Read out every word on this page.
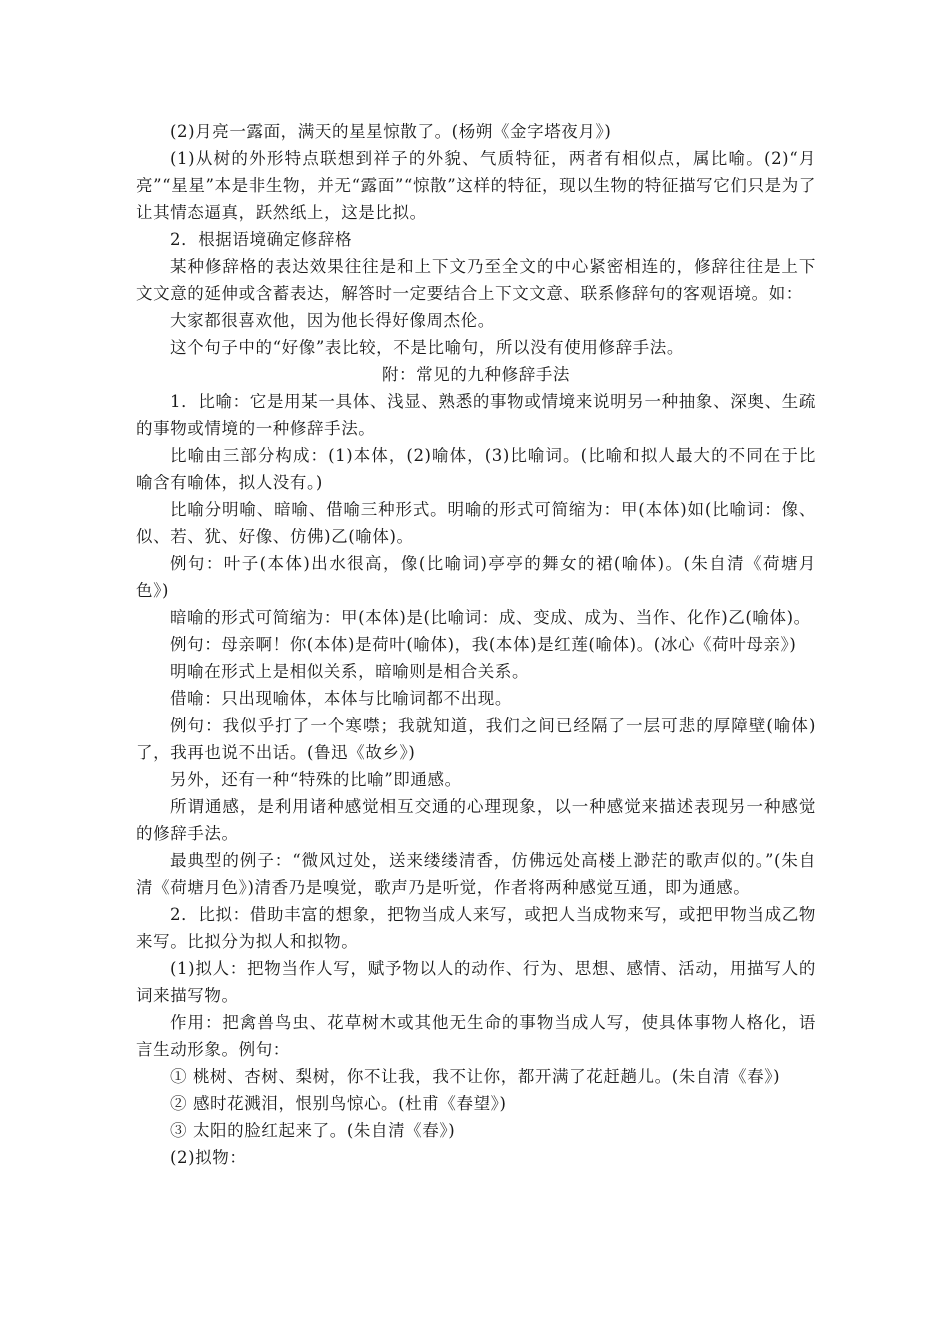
(2)月亮一露面，满天的星星惊散了。(杨朔《金字塔夜月》)

(1)从树的外形特点联想到祥子的外貌、气质特征，两者有相似点，属比喻。(2)“月亮”“星星”本是非生物，并无“露面”“惊散”这样的特征，现以生物的特征描写它们只是为了让其情态逼真，跃然纸上，这是比拟。

2．根据语境确定修辞格

某种修辞格的表达效果往往是和上下文乃至全文的中心紧密相连的，修辞往往是上下文文意的延伸或含蓄表达，解答时一定要结合上下文文意、联系修辞句的客观语境。如：

大家都很喜欢他，因为他长得好像周杰伦。

这个句子中的“好像”表比较，不是比喻句，所以没有使用修辞手法。

附：常见的九种修辞手法

1．比喻：它是用某一具体、浅显、熟悉的事物或情境来说明另一种抽象、深奥、生疏的事物或情境的一种修辞手法。

比喻由三部分构成：(1)本体，(2)喻体，(3)比喻词。(比喻和拟人最大的不同在于比喻含有喻体，拟人没有。)

比喻分明喻、暗喻、借喻三种形式。明喻的形式可简缩为：甲(本体)如(比喻词：像、似、若、犹、好像、仿佛)乙(喻体)。

例句：叶子(本体)出水很高，像(比喻词)亭亭的舞女的裙(喻体)。(朱自清《荷塘月色》)

暗喻的形式可简缩为：甲(本体)是(比喻词：成、变成、成为、当作、化作)乙(喻体)。

例句：母亲啊！你(本体)是荷叶(喻体)，我(本体)是红莲(喻体)。(冰心《荷叶母亲》)

明喻在形式上是相似关系，暗喻则是相合关系。

借喻：只出现喻体，本体与比喻词都不出现。

例句：我似乎打了一个寒噤；我就知道，我们之间已经隔了一层可悲的厚障壁(喻体)了，我再也说不出话。(鲁迅《故乡》)

另外，还有一种“特殊的比喻”即通感。

所谓通感，是利用诸种感觉相互交通的心理现象，以一种感觉来描述表现另一种感觉的修辞手法。

最典型的例子：“微风过处，送来缕缕清香，仿佛远处高楼上渺茫的歌声似的。”(朱自清《荷塘月色》)清香乃是嗅觉，歌声乃是听觉，作者将两种感觉互通，即为通感。

2．比拟：借助丰富的想象，把物当成人来写，或把人当成物来写，或把甲物当成乙物来写。比拟分为拟人和拟物。

(1)拟人：把物当作人写，赋予物以人的动作、行为、思想、感情、活动，用描写人的词来描写物。

作用：把禽兽鸟虫、花草树木或其他无生命的事物当成人写，使具体事物人格化，语言生动形象。例句：

① 桃树、杏树、梨树，你不让我，我不让你，都开满了花赶趟儿。(朱自清《春》)

② 感时花溅泪，恨别鸟惊心。(杜甫《春望》)

③ 太阳的脸红起来了。(朱自清《春》)

(2)拟物：
